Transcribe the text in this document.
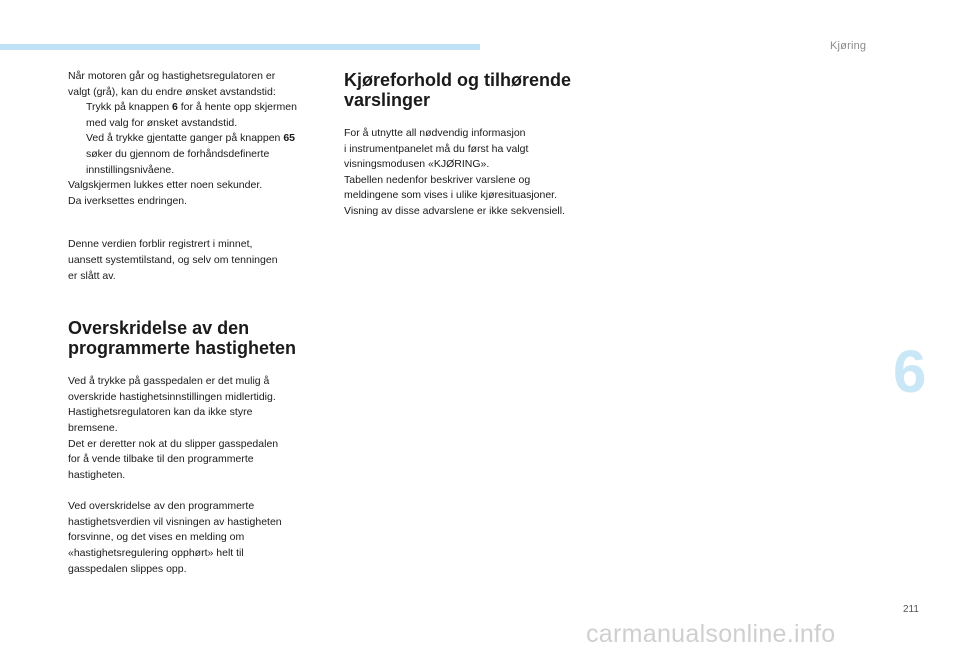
Kjøring

Når motoren går og hastighetsregulatoren er

valgt (grå), kan du endre ønsket avstandstid:

Trykk på knappen 6 for å hente opp skjermen med valg for ønsket avstandstid.
Ved å trykke gjentatte ganger på knappen 65 søker du gjennom de forhåndsdefinerte innstillingsnivåene.

Valgskjermen lukkes etter noen sekunder.

Da iverksettes endringen.

Denne verdien forblir registrert i minnet,

uansett systemtilstand, og selv om tenningen

er slått av.

Overskridelse av den programmerte hastigheten

Ved å trykke på gasspedalen er det mulig å

overskride hastighetsinnstillingen midlertidig.

Hastighetsregulatoren kan da ikke styre

bremsene.

Det er deretter nok at du slipper gasspedalen

for å vende tilbake til den programmerte

hastigheten.

Ved overskridelse av den programmerte

hastighetsverdien vil visningen av hastigheten

forsvinne, og det vises en melding om

«hastighetsregulering opphørt» helt til

gasspedalen slippes opp.

Kjøreforhold og tilhørende varslinger

For å utnytte all nødvendig informasjon

i instrumentpanelet må du først ha valgt

visningsmodusen «KJØRING».

Tabellen nedenfor beskriver varslene og

meldingene som vises i ulike kjøresituasjoner.

Visning av disse advarslene er ikke sekvensiell.

6
211
carmanualsonline.info
